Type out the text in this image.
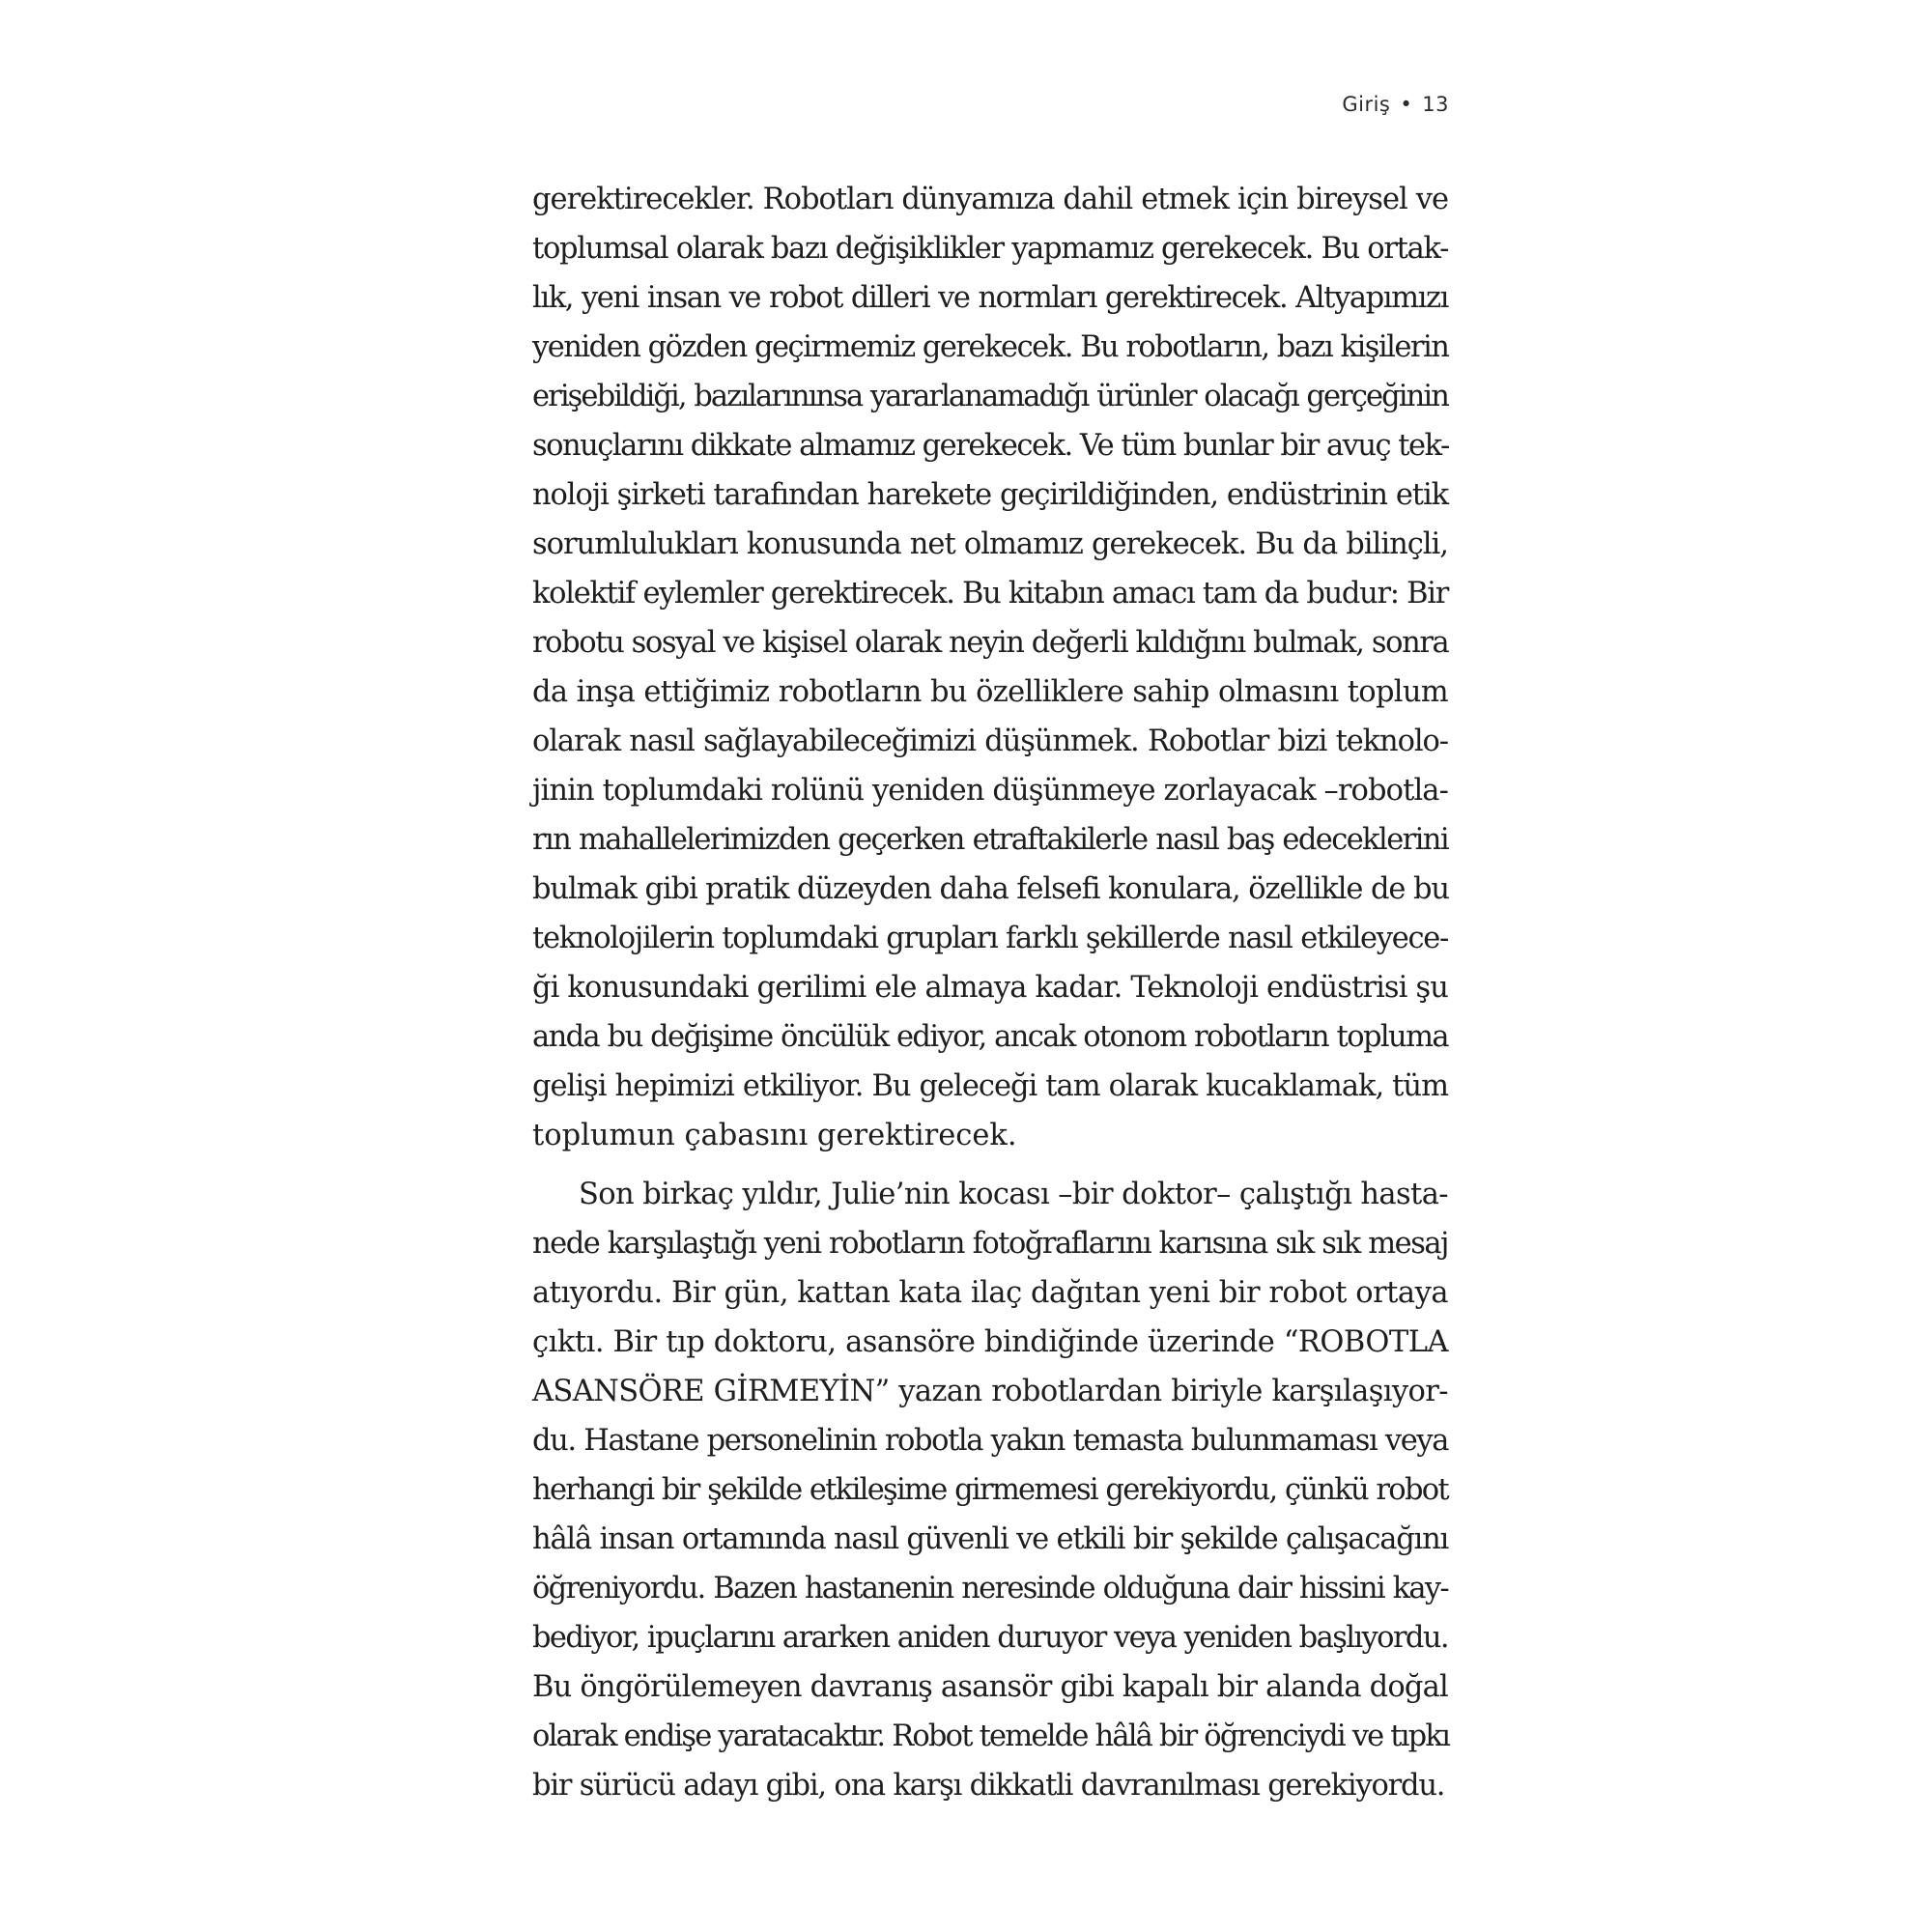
Giriş • 13
gerektirecekler. Robotları dünyamıza dahil etmek için bireysel ve
toplumsal olarak bazı değişiklikler yapmamız gerekecek. Bu ortak-
lık, yeni insan ve robot dilleri ve normları gerektirecek. Altyapımızı
yeniden gözden geçirmemiz gerekecek. Bu robotların, bazı kişilerin
erişebildiği, bazılarınınsa yararlanamadığı ürünler olacağı gerçeğinin
sonuçlarını dikkate almamız gerekecek. Ve tüm bunlar bir avuç tek-
noloji şirketi tarafından harekete geçirildiğinden, endüstrinin etik
sorumlulukları konusunda net olmamız gerekecek. Bu da bilinçli,
kolektif eylemler gerektirecek. Bu kitabın amacı tam da budur: Bir
robotu sosyal ve kişisel olarak neyin değerli kıldığını bulmak, sonra
da inşa ettiğimiz robotların bu özelliklere sahip olmasını toplum
olarak nasıl sağlayabileceğimizi düşünmek. Robotlar bizi teknolo-
jinin toplumdaki rolünü yeniden düşünmeye zorlayacak –robotla-
rın mahallelerimizden geçerken etraftakilerle nasıl baş edeceklerini
bulmak gibi pratik düzeyden daha felsefi konulara, özellikle de bu
teknolojilerin toplumdaki grupları farklı şekillerde nasıl etkileyece-
ği konusundaki gerilimi ele almaya kadar. Teknoloji endüstrisi şu
anda bu değişime öncülük ediyor, ancak otonom robotların topluma
gelişi hepimizi etkiliyor. Bu geleceği tam olarak kucaklamak, tüm
toplumun çabasını gerektirecek.
Son birkaç yıldır, Julie’nin kocası –bir doktor– çalıştığı hasta-
nede karşılaştığı yeni robotların fotoğraflarını karısına sık sık mesaj
atıyordu. Bir gün, kattan kata ilaç dağıtan yeni bir robot ortaya
çıktı. Bir tıp doktoru, asansöre bindiğinde üzerinde “ROBOTLA
ASANSÖRE GİRMEYİN” yazan robotlardan biriyle karşılaşıyor-
du. Hastane personelinin robotla yakın temasta bulunmaması veya
herhangi bir şekilde etkileşime girmemesi gerekiyordu, çünkü robot
hâlâ insan ortamında nasıl güvenli ve etkili bir şekilde çalışacağını
öğreniyordu. Bazen hastanenin neresinde olduğuna dair hissini kay-
bediyor, ipuçlarını ararken aniden duruyor veya yeniden başlıyordu.
Bu öngörülemeyen davranış asansör gibi kapalı bir alanda doğal
olarak endişe yaratacaktır. Robot temelde hâlâ bir öğrenciydi ve tıpkı
bir sürücü adayı gibi, ona karşı dikkatli davranılması gerekiyordu.
